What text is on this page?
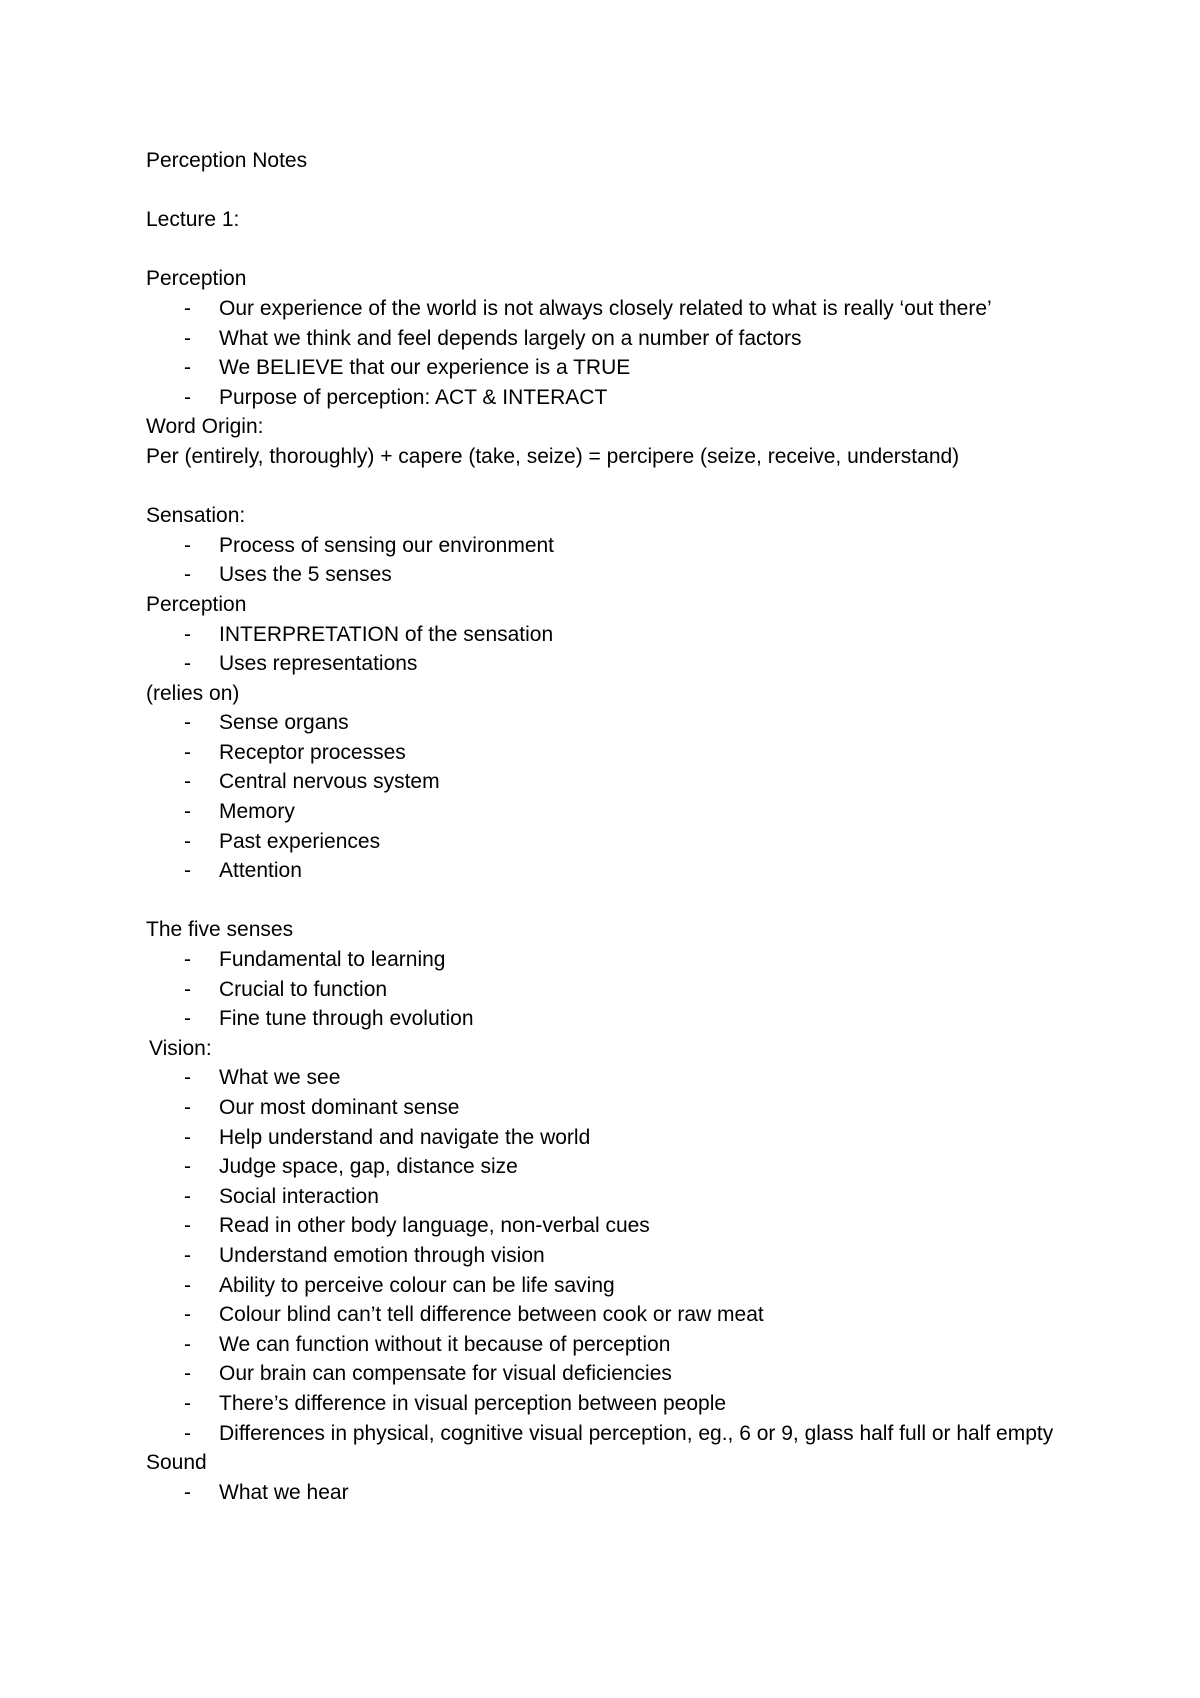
Perception Notes
Lecture 1:
Perception
- Our experience of the world is not always closely related to what is really ‘out there’
- What we think and feel depends largely on a number of factors
- We BELIEVE that our experience is a TRUE
- Purpose of perception: ACT & INTERACT
Word Origin:
Per (entirely, thoroughly) + capere (take, seize) = percipere (seize, receive, understand)
Sensation:
- Process of sensing our environment
- Uses the 5 senses
Perception
- INTERPRETATION of the sensation
- Uses representations
(relies on)
- Sense organs
- Receptor processes
- Central nervous system
- Memory
- Past experiences
- Attention
The five senses
- Fundamental to learning
- Crucial to function
- Fine tune through evolution
Vision:
- What we see
- Our most dominant sense
- Help understand and navigate the world
- Judge space, gap, distance size
- Social interaction
- Read in other body language, non-verbal cues
- Understand emotion through vision
- Ability to perceive colour can be life saving
- Colour blind can’t tell difference between cook or raw meat
- We can function without it because of perception
- Our brain can compensate for visual deficiencies
- There’s difference in visual perception between people
- Differences in physical, cognitive visual perception, eg., 6 or 9, glass half full or half empty
Sound
- What we hear
